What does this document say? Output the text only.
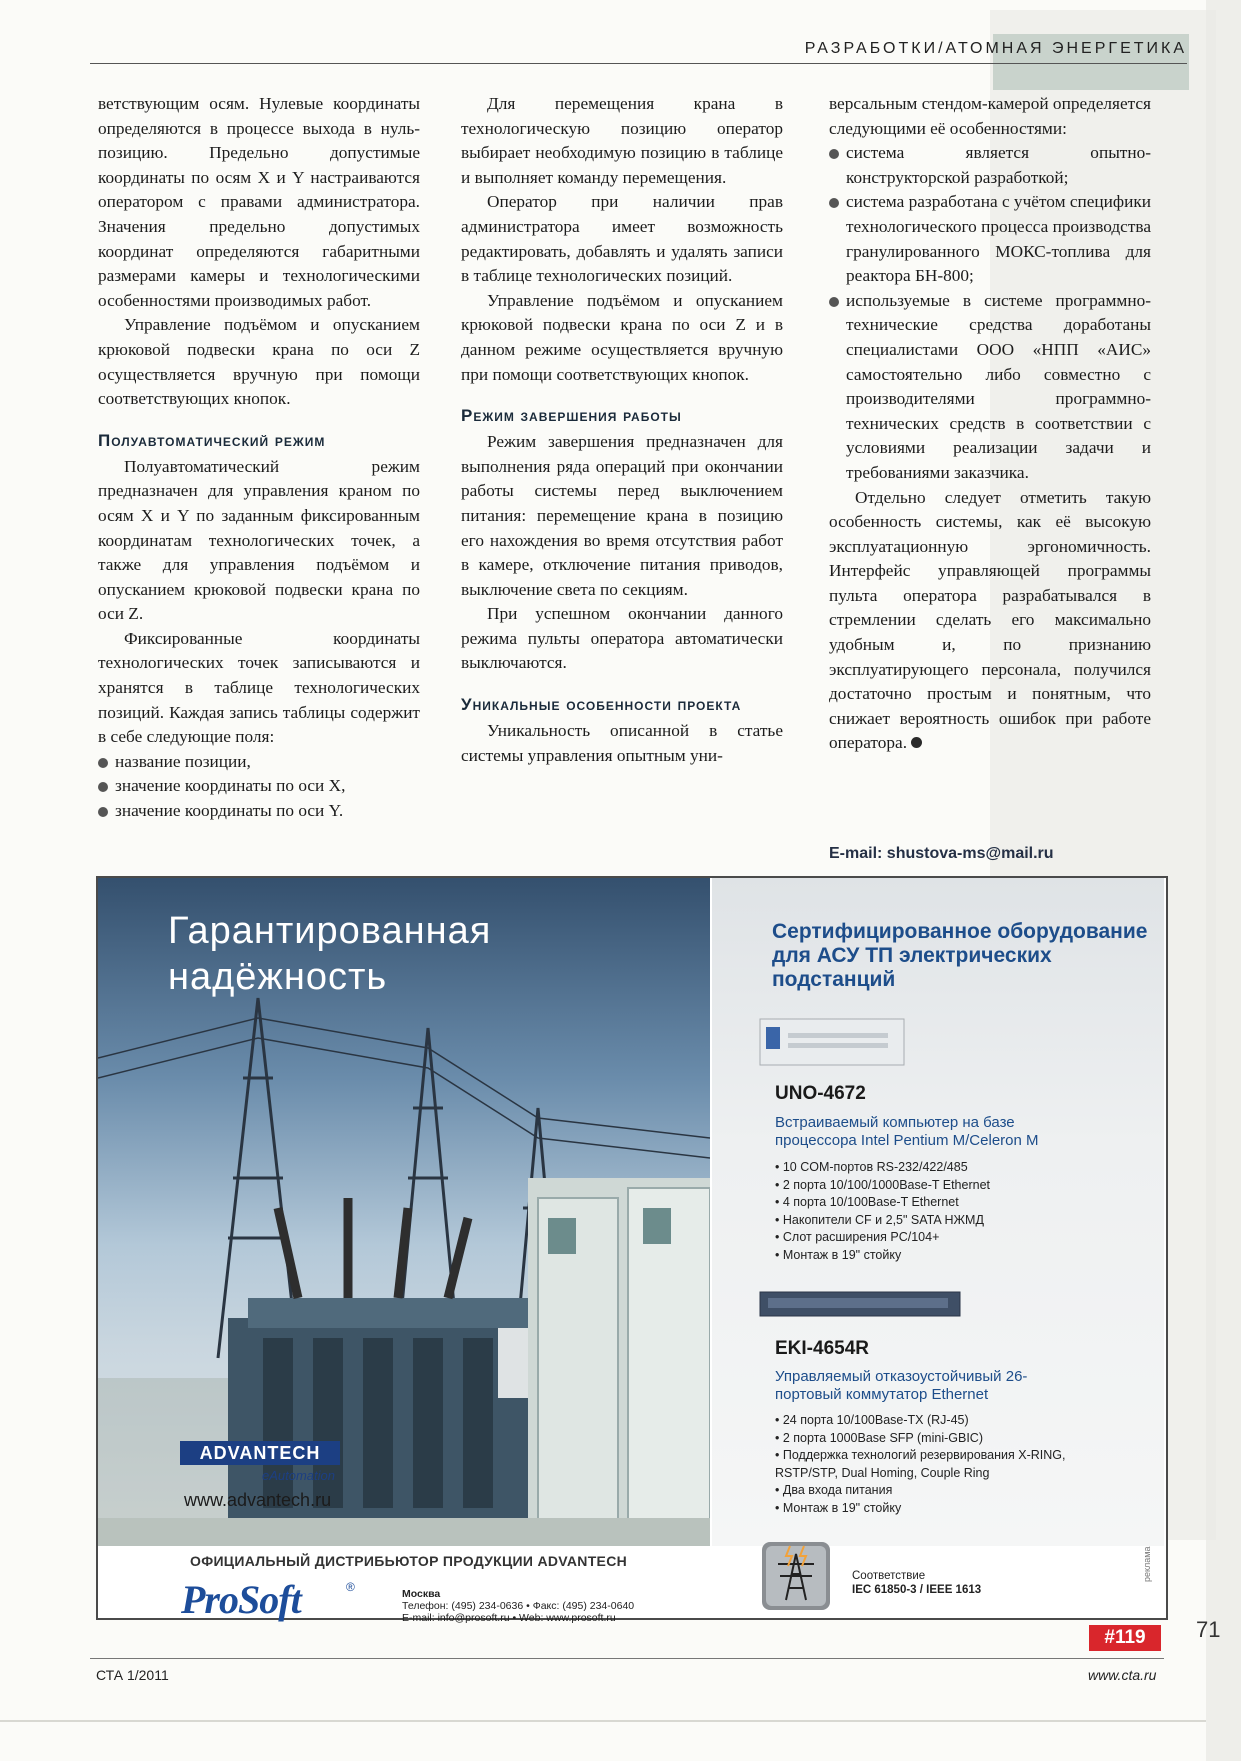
РАЗРАБОТКИ/АТОМНАЯ ЭНЕРГЕТИКА

ветствующим осям. Нулевые координаты определяются в процессе выхода в нуль-позицию. Предельно допустимые координаты по осям X и Y настраиваются оператором с правами администратора. Значения предельно допустимых координат определяются габаритными размерами камеры и технологическими особенностями производимых работ.

Управление подъёмом и опусканием крюковой подвески крана по оси Z осуществляется вручную при помощи соответствующих кнопок.

Полуавтоматический режим

Полуавтоматический режим предназначен для управления краном по осям X и Y по заданным фиксированным координатам технологических точек, а также для управления подъёмом и опусканием крюковой подвески крана по оси Z.

Фиксированные координаты технологических точек записываются и хранятся в таблице технологических позиций. Каждая запись таблицы содержит в себе следующие поля:

название позиции,
значение координаты по оси X,
значение координаты по оси Y.

Для перемещения крана в технологическую позицию оператор выбирает необходимую позицию в таблице и выполняет команду перемещения.

Оператор при наличии прав администратора имеет возможность редактировать, добавлять и удалять записи в таблице технологических позиций.

Управление подъёмом и опусканием крюковой подвески крана по оси Z и в данном режиме осуществляется вручную при помощи соответствующих кнопок.

Режим завершения работы

Режим завершения предназначен для выполнения ряда операций при окончании работы системы перед выключением питания: перемещение крана в позицию его нахождения во время отсутствия работ в камере, отключение питания приводов, выключение света по секциям.

При успешном окончании данного режима пульты оператора автоматически выключаются.

Уникальные особенности проекта

Уникальность описанной в статье системы управления опытным уни-

версальным стендом-камерой определяется следующими её особенностями:

система является опытно-конструкторской разработкой;
система разработана с учётом специфики технологического процесса производства гранулированного МОКС-топлива для реактора БН-800;
используемые в системе программно-технические средства доработаны специалистами ООО «НПП «АИС» самостоятельно либо совместно с производителями программно-технических средств в соответствии с условиями реализации задачи и требованиями заказчика.

Отдельно следует отметить такую особенность системы, как её высокую эксплуатационную эргономичность. Интерфейс управляющей программы пульта оператора разрабатывался в стремлении сделать его максимально удобным и, по признанию эксплуатирующего персонала, получился достаточно простым и понятным, что снижает вероятность ошибок при работе оператора.

E-mail: shustova-ms@mail.ru
Гарантированная
надёжность
ADVANTECH
eAutomation
www.advantech.ru
Сертифицированное оборудование для АСУ ТП электрических подстанций
UNO-4672
Встраиваемый компьютер на базе процессора Intel Pentium M/Celeron M
• 10 COM-портов RS-232/422/485
• 2 порта 10/100/1000Base-T Ethernet
• 4 порта 10/100Base-T Ethernet
• Накопители CF и 2,5" SATA НЖМД
• Слот расширения PC/104+
• Монтаж в 19" стойку
EKI-4654R
Управляемый отказоустойчивый 26-портовый коммутатор Ethernet
• 24 порта 10/100Base-TX (RJ-45)
• 2 порта 1000Base SFP (mini-GBIC)
• Поддержка технологий резервирования X-RING, RSTP/STP, Dual Homing, Couple Ring
• Два входа питания
• Монтаж в 19" стойку
ОФИЦИАЛЬНЫЙ ДИСТРИБЬЮТОР ПРОДУКЦИИ ADVANTECH
ProSoft	®	Москва
Телефон: (495) 234-0636 • Факс: (495) 234-0640
E-mail: info@prosoft.ru • Web: www.prosoft.ru
Соответствие
IEC 61850-3 / IEEE 1613
реклама
#119	71
СТА 1/2011	www.cta.ru
